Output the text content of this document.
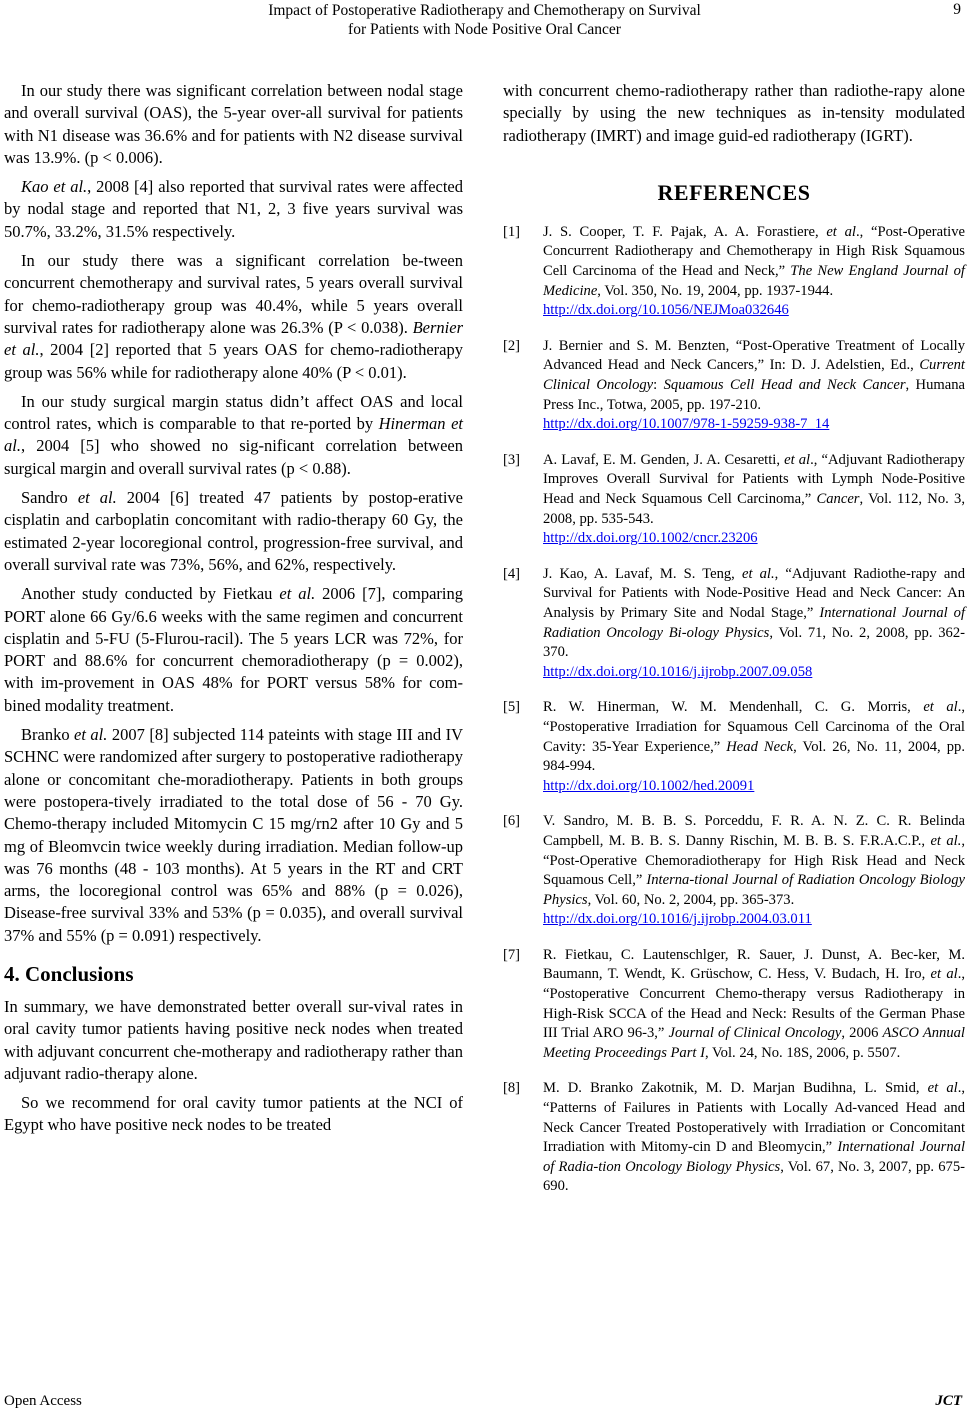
Impact of Postoperative Radiotherapy and Chemotherapy on Survival
for Patients with Node Positive Oral Cancer
9

In our study there was significant correlation between nodal stage and overall survival (OAS), the 5-year over-all survival for patients with N1 disease was 36.6% and for patients with N2 disease survival was 13.9%. (p < 0.006).

Kao et al., 2008 [4] also reported that survival rates were affected by nodal stage and reported that N1, 2, 3 five years survival was 50.7%, 33.2%, 31.5% respectively.

In our study there was a significant correlation be-tween concurrent chemotherapy and survival rates, 5 years overall survival for chemo-radiotherapy group was 40.4%, while 5 years overall survival rates for radiotherapy alone was 26.3% (P < 0.038). Bernier et al., 2004 [2] reported that 5 years OAS for chemo-radiotherapy group was 56% while for radiotherapy alone 40% (P < 0.01).

In our study surgical margin status didn’t affect OAS and local control rates, which is comparable to that re-ported by Hinerman et al., 2004 [5] who showed no sig-nificant correlation between surgical margin and overall survival rates (p < 0.88).

Sandro et al. 2004 [6] treated 47 patients by postop-erative cisplatin and carboplatin concomitant with radio-therapy 60 Gy, the estimated 2-year locoregional control, progression-free survival, and overall survival rate was 73%, 56%, and 62%, respectively.

Another study conducted by Fietkau et al. 2006 [7], comparing PORT alone 66 Gy/6.6 weeks with the same regimen and concurrent cisplatin and 5-FU (5-Flurou-racil). The 5 years LCR was 72%, for PORT and 88.6% for concurrent chemoradiotherapy (p = 0.002), with im-provement in OAS 48% for PORT versus 58% for com-bined modality treatment.

Branko et al. 2007 [8] subjected 114 pateints with stage III and IV SCHNC were randomized after surgery to postoperative radiotherapy alone or concomitant che-moradiotherapy. Patients in both groups were postopera-tively irradiated to the total dose of 56 - 70 Gy. Chemo-therapy included Mitomycin C 15 mg/rn2 after 10 Gy and 5 mg of Bleomvcin twice weekly during irradiation. Median follow-up was 76 months (48 - 103 months). At 5 years in the RT and CRT arms, the locoregional control was 65% and 88% (p = 0.026), Disease-free survival 33% and 53% (p = 0.035), and overall survival 37% and 55% (p = 0.091) respectively.

4. Conclusions

In summary, we have demonstrated better overall sur-vival rates in oral cavity tumor patients having positive neck nodes when treated with adjuvant concurrent che-motherapy and radiotherapy rather than adjuvant radio-therapy alone.

So we recommend for oral cavity tumor patients at the NCI of Egypt who have positive neck nodes to be treated

with concurrent chemo-radiotherapy rather than radiothe-rapy alone specially by using the new techniques as in-tensity modulated radiotherapy (IMRT) and image guid-ed radiotherapy (IGRT).

REFERENCES
[1] J. S. Cooper, T. F. Pajak, A. A. Forastiere, et al., “Post-Operative Concurrent Radiotherapy and Chemotherapy in High Risk Squamous Cell Carcinoma of the Head and Neck,” The New England Journal of Medicine, Vol. 350, No. 19, 2004, pp. 1937-1944.
http://dx.doi.org/10.1056/NEJMoa032646
[2] J. Bernier and S. M. Benzten, “Post-Operative Treatment of Locally Advanced Head and Neck Cancers,” In: D. J. Adelstien, Ed., Current Clinical Oncology: Squamous Cell Head and Neck Cancer, Humana Press Inc., Totwa, 2005, pp. 197-210.
http://dx.doi.org/10.1007/978-1-59259-938-7_14
[3] A. Lavaf, E. M. Genden, J. A. Cesaretti, et al., “Adjuvant Radiotherapy Improves Overall Survival for Patients with Lymph Node-Positive Head and Neck Squamous Cell Carcinoma,” Cancer, Vol. 112, No. 3, 2008, pp. 535-543.
http://dx.doi.org/10.1002/cncr.23206
[4] J. Kao, A. Lavaf, M. S. Teng, et al., “Adjuvant Radiothe-rapy and Survival for Patients with Node-Positive Head and Neck Cancer: An Analysis by Primary Site and Nodal Stage,” International Journal of Radiation Oncology Bi-ology Physics, Vol. 71, No. 2, 2008, pp. 362-370.
http://dx.doi.org/10.1016/j.ijrobp.2007.09.058
[5] R. W. Hinerman, W. M. Mendenhall, C. G. Morris, et al., “Postoperative Irradiation for Squamous Cell Carcinoma of the Oral Cavity: 35-Year Experience,” Head Neck, Vol. 26, No. 11, 2004, pp. 984-994.
http://dx.doi.org/10.1002/hed.20091
[6] V. Sandro, M. B. B. S. Porceddu, F. R. A. N. Z. C. R. Belinda Campbell, M. B. B. S. Danny Rischin, M. B. B. S. F.R.A.C.P., et al., “Post-Operative Chemoradiotherapy for High Risk Head and Neck Squamous Cell,” Interna-tional Journal of Radiation Oncology Biology Physics, Vol. 60, No. 2, 2004, pp. 365-373.
http://dx.doi.org/10.1016/j.ijrobp.2004.03.011
[7] R. Fietkau, C. Lautenschlger, R. Sauer, J. Dunst, A. Bec-ker, M. Baumann, T. Wendt, K. Grüschow, C. Hess, V. Budach, H. Iro, et al., “Postoperative Concurrent Chemo-therapy versus Radiotherapy in High-Risk SCCA of the Head and Neck: Results of the German Phase III Trial ARO 96-3,” Journal of Clinical Oncology, 2006 ASCO Annual Meeting Proceedings Part I, Vol. 24, No. 18S, 2006, p. 5507.
[8] M. D. Branko Zakotnik, M. D. Marjan Budihna, L. Smid, et al., “Patterns of Failures in Patients with Locally Ad-vanced Head and Neck Cancer Treated Postoperatively with Irradiation or Concomitant Irradiation with Mitomy-cin D and Bleomycin,” International Journal of Radia-tion Oncology Biology Physics, Vol. 67, No. 3, 2007, pp. 675-690.
Open Access	JCT
